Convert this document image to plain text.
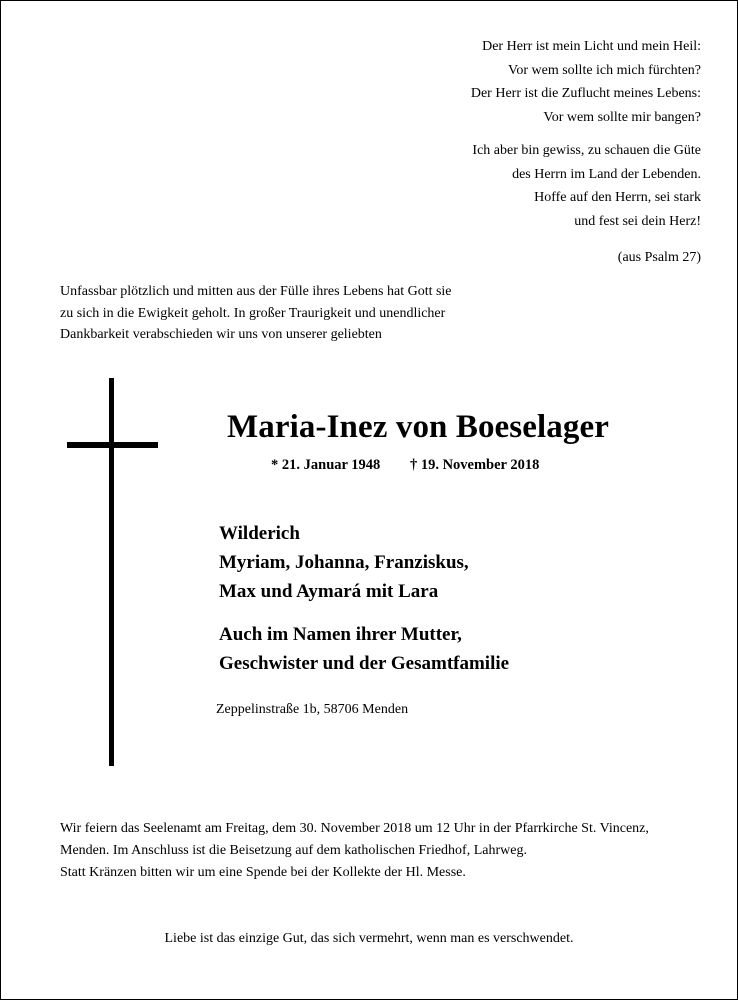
Der Herr ist mein Licht und mein Heil:
Vor wem sollte ich mich fürchten?
Der Herr ist die Zuflucht meines Lebens:
Vor wem sollte mir bangen?
Ich aber bin gewiss, zu schauen die Güte
des Herrn im Land der Lebenden.
Hoffe auf den Herrn, sei stark
und fest sei dein Herz!
(aus Psalm 27)
Unfassbar plötzlich und mitten aus der Fülle ihres Lebens hat Gott sie
zu sich in die Ewigkeit geholt. In großer Traurigkeit und unendlicher
Dankbarkeit verabschieden wir uns von unserer geliebten
Maria-Inez von Boeselager
* 21. Januar 1948 † 19. November 2018
Wilderich
Myriam, Johanna, Franziskus,
Max und Aymará mit Lara
Auch im Namen ihrer Mutter,
Geschwister und der Gesamtfamilie
Zeppelinstraße 1b, 58706 Menden
Wir feiern das Seelenamt am Freitag, dem 30. November 2018 um 12 Uhr in der Pfarrkirche St. Vincenz,
Menden. Im Anschluss ist die Beisetzung auf dem katholischen Friedhof, Lahrweg.
Statt Kränzen bitten wir um eine Spende bei der Kollekte der Hl. Messe.
Liebe ist das einzige Gut, das sich vermehrt, wenn man es verschwendet.
